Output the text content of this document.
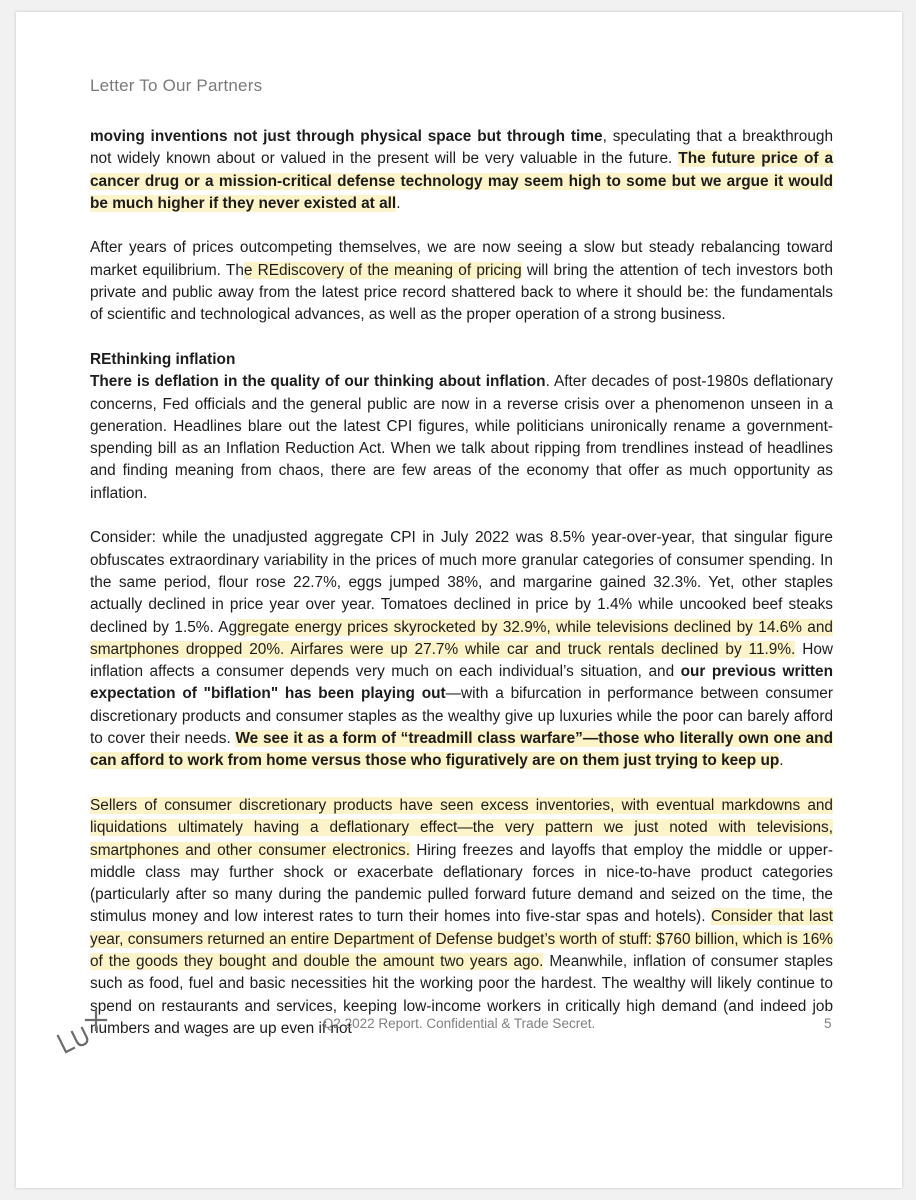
Letter To Our Partners

moving inventions not just through physical space but through time, speculating that a breakthrough not widely known about or valued in the present will be very valuable in the future. The future price of a cancer drug or a mission-critical defense technology may seem high to some but we argue it would be much higher if they never existed at all.

After years of prices outcompeting themselves, we are now seeing a slow but steady rebalancing toward market equilibrium. The REdiscovery of the meaning of pricing will bring the attention of tech investors both private and public away from the latest price record shattered back to where it should be: the fundamentals of scientific and technological advances, as well as the proper operation of a strong business.

REthinking inflation

There is deflation in the quality of our thinking about inflation. After decades of post-1980s deflationary concerns, Fed officials and the general public are now in a reverse crisis over a phenomenon unseen in a generation. Headlines blare out the latest CPI figures, while politicians unironically rename a government-spending bill as an Inflation Reduction Act. When we talk about ripping from trendlines instead of headlines and finding meaning from chaos, there are few areas of the economy that offer as much opportunity as inflation.

Consider: while the unadjusted aggregate CPI in July 2022 was 8.5% year-over-year, that singular figure obfuscates extraordinary variability in the prices of much more granular categories of consumer spending. In the same period, flour rose 22.7%, eggs jumped 38%, and margarine gained 32.3%. Yet, other staples actually declined in price year over year. Tomatoes declined in price by 1.4% while uncooked beef steaks declined by 1.5%. Aggregate energy prices skyrocketed by 32.9%, while televisions declined by 14.6% and smartphones dropped 20%. Airfares were up 27.7% while car and truck rentals declined by 11.9%. How inflation affects a consumer depends very much on each individual’s situation, and our previous written expectation of "biflation" has been playing out—with a bifurcation in performance between consumer discretionary products and consumer staples as the wealthy give up luxuries while the poor can barely afford to cover their needs. We see it as a form of “treadmill class warfare”—those who literally own one and can afford to work from home versus those who figuratively are on them just trying to keep up.

Sellers of consumer discretionary products have seen excess inventories, with eventual markdowns and liquidations ultimately having a deflationary effect—the very pattern we just noted with televisions, smartphones and other consumer electronics. Hiring freezes and layoffs that employ the middle or upper-middle class may further shock or exacerbate deflationary forces in nice-to-have product categories (particularly after so many during the pandemic pulled forward future demand and seized on the time, the stimulus money and low interest rates to turn their homes into five-star spas and hotels). Consider that last year, consumers returned an entire Department of Defense budget’s worth of stuff: $760 billion, which is 16% of the goods they bought and double the amount two years ago. Meanwhile, inflation of consumer staples such as food, fuel and basic necessities hit the working poor the hardest. The wealthy will likely continue to spend on restaurants and services, keeping low-income workers in critically high demand (and indeed job numbers and wages are up even if not

Q2 2022 Report. Confidential & Trade Secret.	5
